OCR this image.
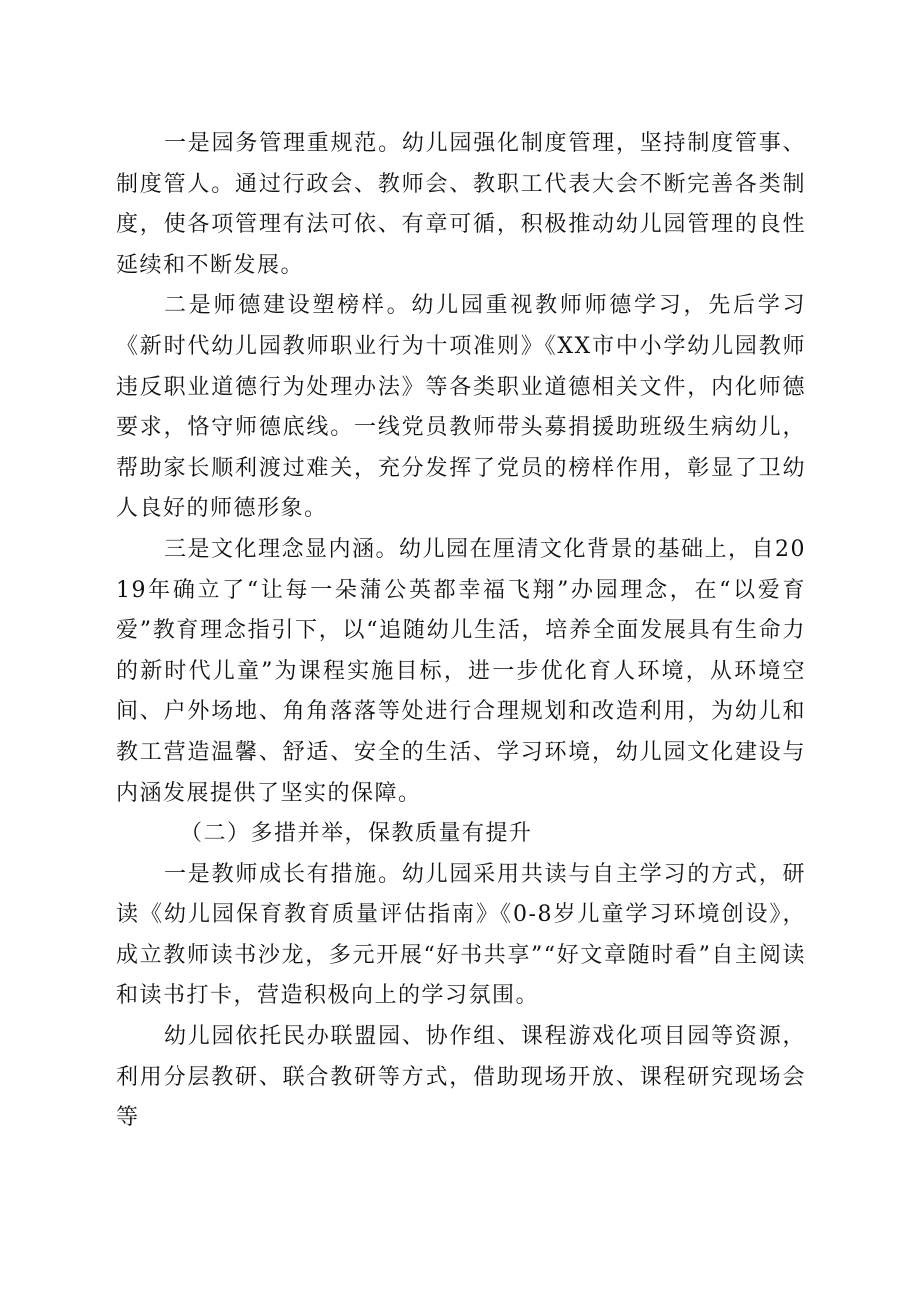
一是园务管理重规范。幼儿园强化制度管理，坚持制度管事、制度管人。通过行政会、教师会、教职工代表大会不断完善各类制度，使各项管理有法可依、有章可循，积极推动幼儿园管理的良性延续和不断发展。

二是师德建设塑榜样。幼儿园重视教师师德学习，先后学习《新时代幼儿园教师职业行为十项准则》《XX市中小学幼儿园教师违反职业道德行为处理办法》等各类职业道德相关文件，内化师德要求，恪守师德底线。一线党员教师带头募捐援助班级生病幼儿，帮助家长顺利渡过难关，充分发挥了党员的榜样作用，彰显了卫幼人良好的师德形象。

三是文化理念显内涵。幼儿园在厘清文化背景的基础上，自2019年确立了“让每一朵蒲公英都幸福飞翔”办园理念，在“以爱育爱”教育理念指引下，以“追随幼儿生活，培养全面发展具有生命力的新时代儿童”为课程实施目标，进一步优化育人环境，从环境空间、户外场地、角角落落等处进行合理规划和改造利用，为幼儿和教工营造温馨、舒适、安全的生活、学习环境，幼儿园文化建设与内涵发展提供了坚实的保障。

（二）多措并举，保教质量有提升

一是教师成长有措施。幼儿园采用共读与自主学习的方式，研读《幼儿园保育教育质量评估指南》《0-8岁儿童学习环境创设》，成立教师读书沙龙，多元开展“好书共享”“好文章随时看”自主阅读和读书打卡，营造积极向上的学习氛围。

幼儿园依托民办联盟园、协作组、课程游戏化项目园等资源，利用分层教研、联合教研等方式，借助现场开放、课程研究现场会等
